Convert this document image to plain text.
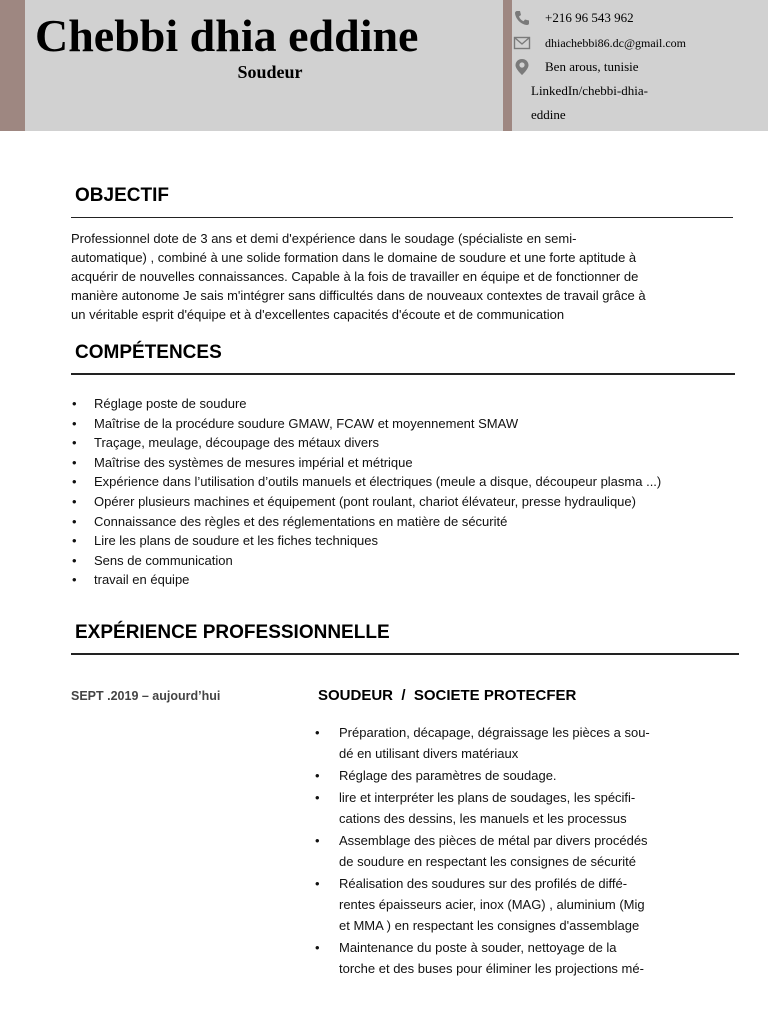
Chebbi dhia eddine
Soudeur
+216 96 543 962
dhiachebbi86.dc@gmail.com
Ben arous, tunisie
LinkedIn/chebbi-dhia-
eddine
OBJECTIF
Professionnel dote de 3 ans et demi d'expérience dans le soudage (spécialiste en semi-
automatique) , combiné à une solide formation dans le domaine de soudure et une forte aptitude à
acquérir de nouvelles connaissances. Capable à la fois de travailler en équipe et de fonctionner de
manière autonome Je sais m'intégrer sans difficultés dans de nouveaux contextes de travail grâce à
un véritable esprit d'équipe et à d'excellentes capacités d'écoute et de communication
COMPÉTENCES
• Réglage poste de soudure
• Maîtrise de la procédure soudure GMAW, FCAW et moyennement SMAW
• Traçage, meulage, découpage des métaux divers
• Maîtrise des systèmes de mesures impérial et métrique
• Expérience dans l’utilisation d’outils manuels et électriques (meule a disque, découpeur plasma ...)
• Opérer plusieurs machines et équipement (pont roulant, chariot élévateur, presse hydraulique)
• Connaissance des règles et des réglementations en matière de sécurité
• Lire les plans de soudure et les fiches techniques
• Sens de communication
• travail en équipe
EXPÉRIENCE PROFESSIONNELLE
SEPT .2019 – aujourd’hui	SOUDEUR  /  SOCIETE PROTECFER
• Préparation, décapage, dégraissage les pièces a sou-
dé en utilisant divers matériaux
• Réglage des paramètres de soudage.
• lire et interpréter les plans de soudages, les spécifi-
cations des dessins, les manuels et les processus
• Assemblage des pièces de métal par divers procédés
de soudure en respectant les consignes de sécurité
• Réalisation des soudures sur des profilés de diffé-
rentes épaisseurs acier, inox (MAG) , aluminium (Mig
et MMA ) en respectant les consignes d'assemblage
• Maintenance du poste à souder, nettoyage de la
torche et des buses pour éliminer les projections mé-
